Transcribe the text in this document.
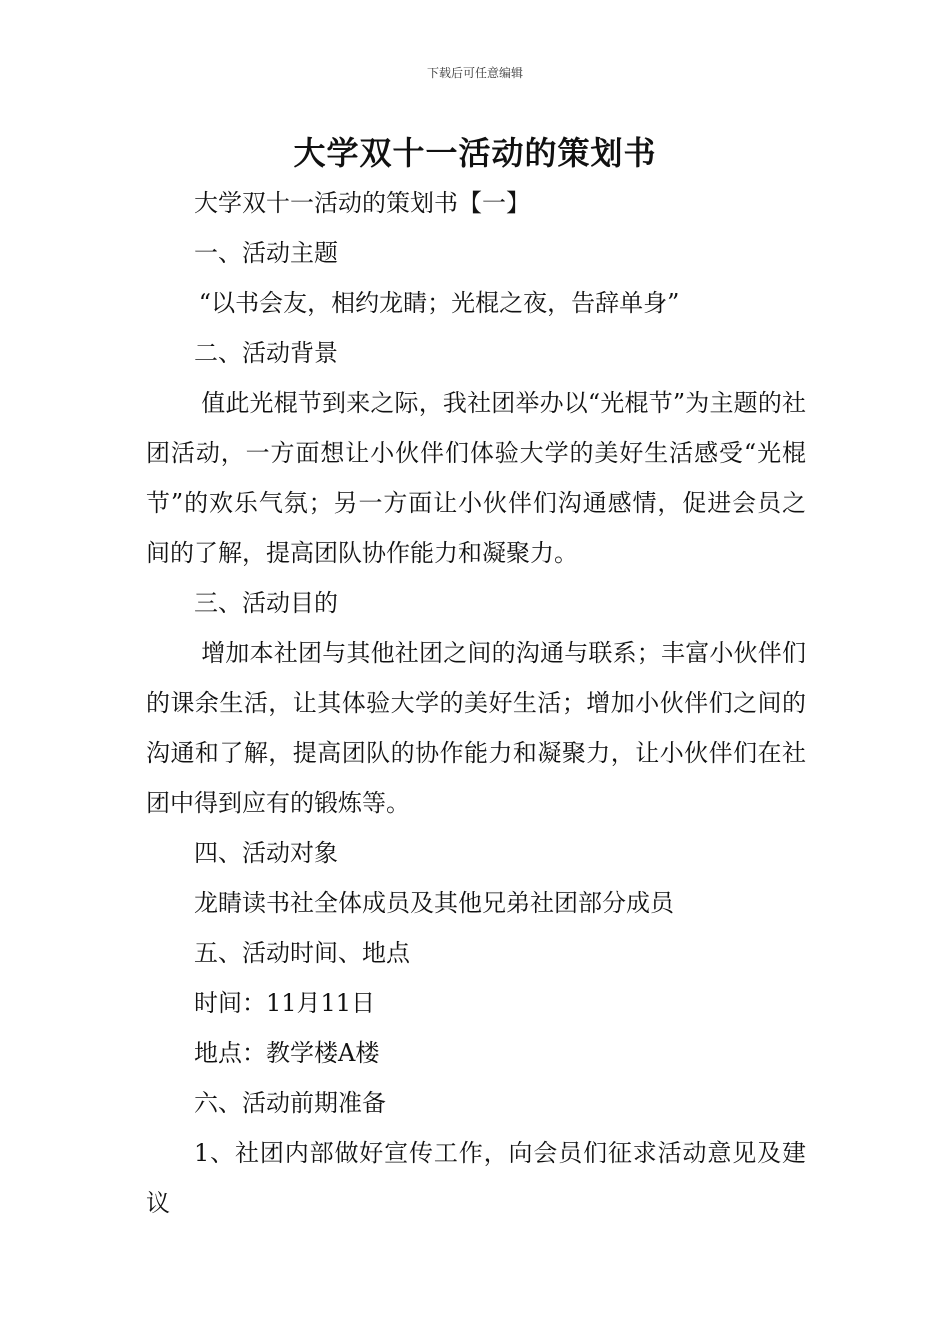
下载后可任意编辑
大学双十一活动的策划书

大学双十一活动的策划书【一】

一、活动主题

“以书会友，相约龙睛；光棍之夜，告辞单身”

二、活动背景

值此光棍节到来之际，我社团举办以“光棍节”为主题的社团活动，一方面想让小伙伴们体验大学的美好生活感受“光棍节”的欢乐气氛；另一方面让小伙伴们沟通感情，促进会员之间的了解，提高团队协作能力和凝聚力。

三、活动目的

增加本社团与其他社团之间的沟通与联系；丰富小伙伴们的课余生活，让其体验大学的美好生活；增加小伙伴们之间的沟通和了解，提高团队的协作能力和凝聚力，让小伙伴们在社团中得到应有的锻炼等。

四、活动对象

龙睛读书社全体成员及其他兄弟社团部分成员

五、活动时间、地点

时间：11月11日

地点：教学楼A楼

六、活动前期准备

1、社团内部做好宣传工作，向会员们征求活动意见及建议
